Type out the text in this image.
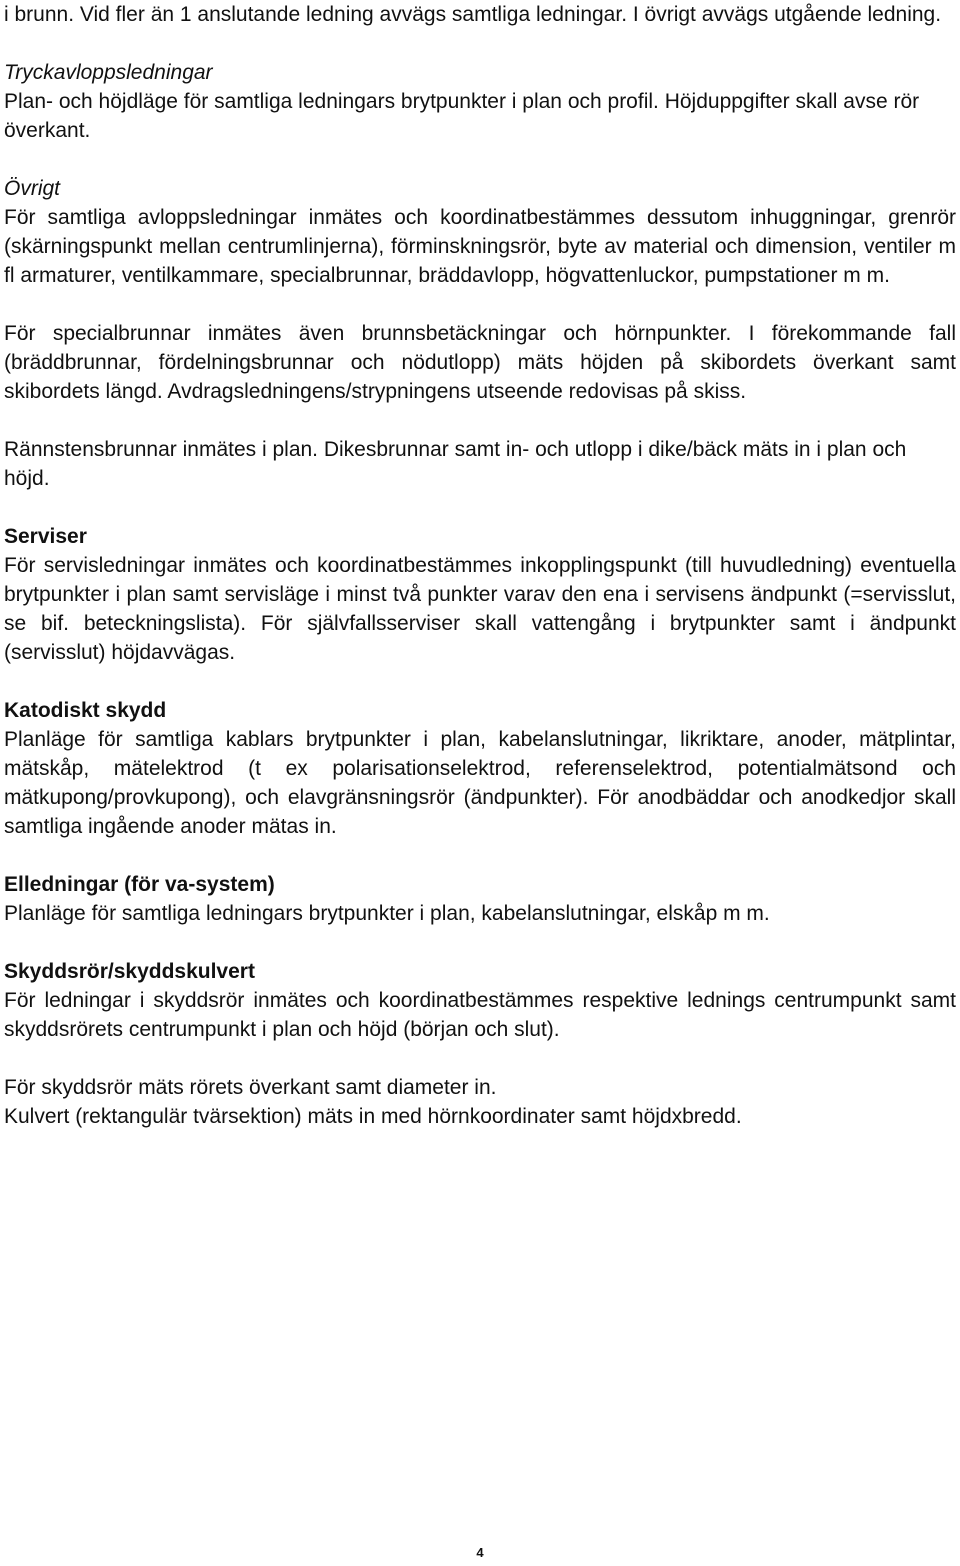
i brunn. Vid fler än 1 anslutande ledning avvägs samtliga ledningar. I övrigt avvägs utgående ledning.

Tryckavloppsledningar

Plan- och höjdläge för samtliga ledningars brytpunkter i plan och profil. Höjduppgifter skall avse rör överkant.

Övrigt

För samtliga avloppsledningar inmätes och koordinatbestämmes dessutom inhuggningar, grenrör (skärningspunkt mellan centrumlinjerna), förminskningsrör, byte av material och dimension, ventiler m fl armaturer, ventilkammare, specialbrunnar, bräddavlopp, högvattenluckor, pumpstationer m m.

För specialbrunnar inmätes även brunnsbetäckningar och hörnpunkter. I förekommande fall (bräddbrunnar, fördelningsbrunnar och nödutlopp) mäts höjden på skibordets överkant samt skibordets längd. Avdragsledningens/strypningens utseende redovisas på skiss.

Rännstensbrunnar inmätes i plan. Dikesbrunnar samt in- och utlopp i dike/bäck mäts in i plan och höjd.

Serviser

För servisledningar inmätes och koordinatbestämmes inkopplingspunkt (till huvudledning) eventuella brytpunkter i plan samt servisläge i minst två punkter varav den ena i servisens ändpunkt (=servisslut, se bif. beteckningslista). För självfallsserviser skall vattengång i brytpunkter samt i ändpunkt (servisslut) höjdavvägas.

Katodiskt skydd

Planläge för samtliga kablars brytpunkter i plan, kabelanslutningar, likriktare, anoder, mätplintar, mätskåp, mätelektrod (t ex polarisationselektrod, referenselektrod, potentialmätsond och mätkupong/provkupong), och elavgränsningsrör (ändpunkter). För anodbäddar och anodkedjor skall samtliga ingående anoder mätas in.

Elledningar (för va-system)

Planläge för samtliga ledningars brytpunkter i plan, kabelanslutningar, elskåp m m.

Skyddsrör/skyddskulvert

För ledningar i skyddsrör inmätes och koordinatbestämmes respektive lednings centrumpunkt samt skyddsrörets centrumpunkt i plan och höjd (början och slut).

För skyddsrör mäts rörets överkant samt diameter in.

Kulvert (rektangulär tvärsektion) mäts in med hörnkoordinater samt höjdxbredd.

4
